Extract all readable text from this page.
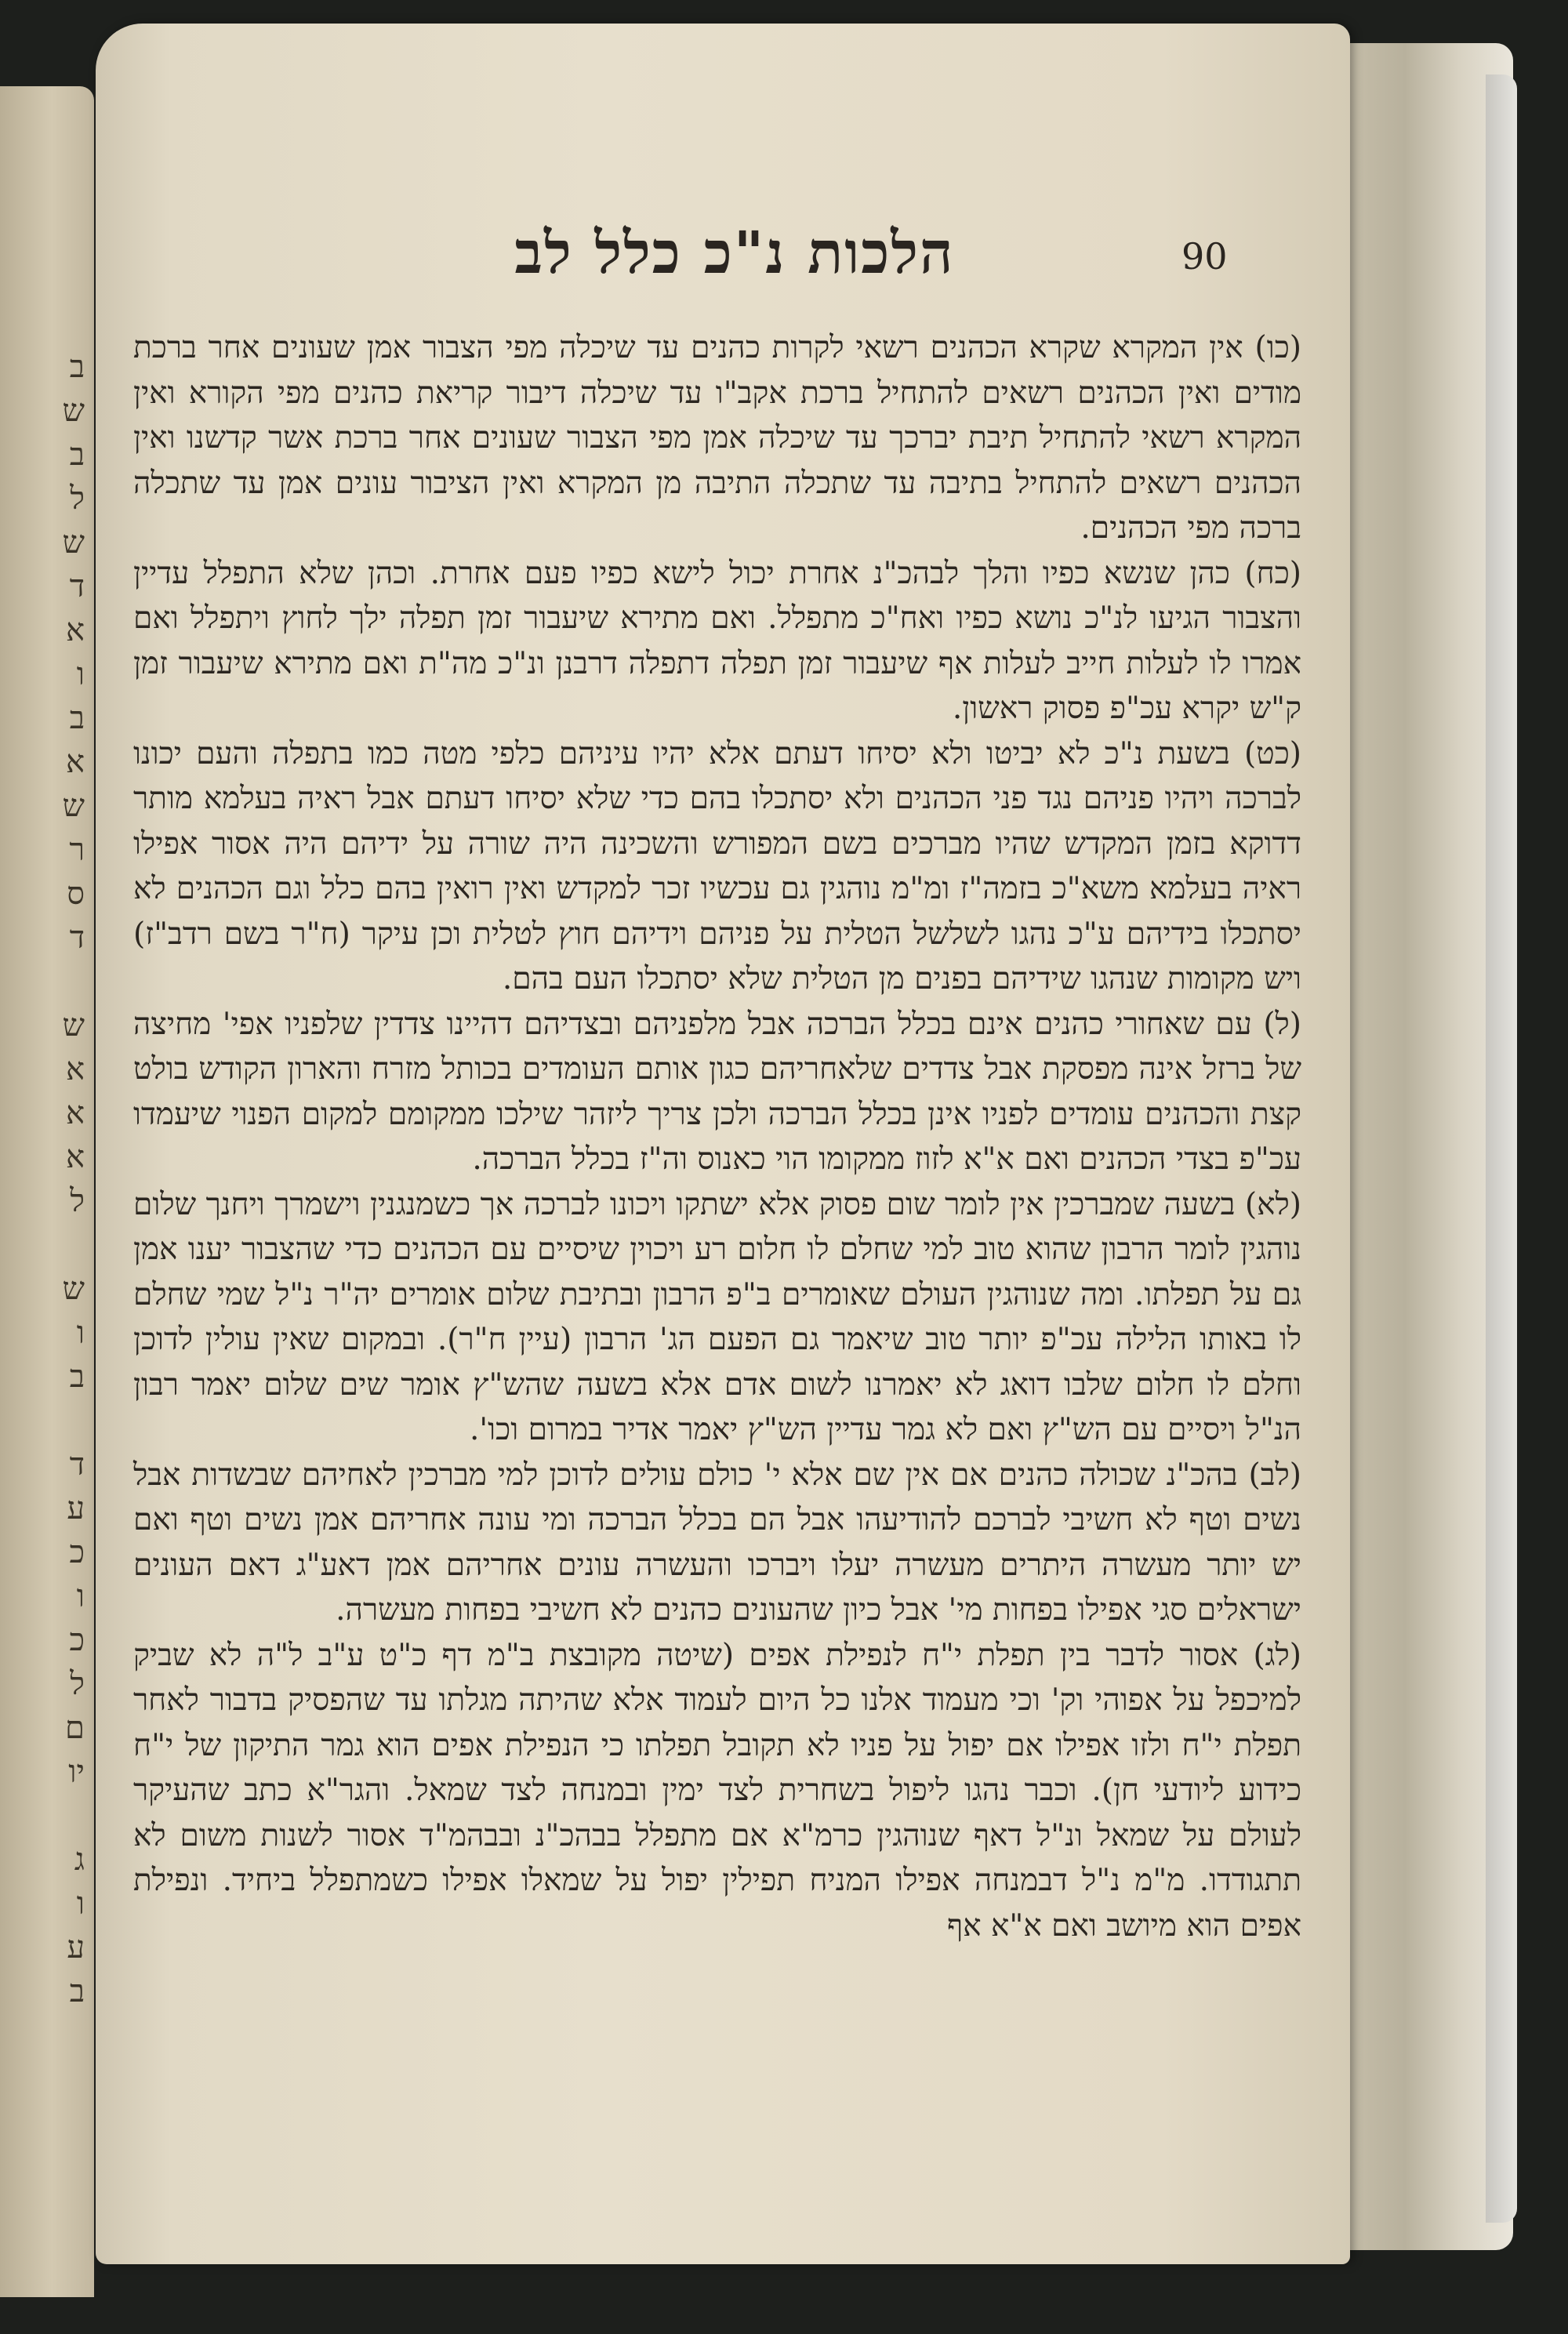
ב
ש
ב
ל
ש
ד
א
ו
ב
א
ש
ר
ס
ד
ש
א
א
א
ל
ש
ו
ב
ד
ע
כ
ו
כ
ל
ם
יו
ג
ו
ע
ב
הלכות נ"כ כלל לב	90

(כו) אין המקרא שקרא הכהנים רשאי לקרות כהנים עד שיכלה מפי הצבור אמן שעונים אחר ברכת מודים ואין הכהנים רשאים להתחיל ברכת אקב"ו עד שיכלה דיבור קריאת כהנים מפי הקורא ואין המקרא רשאי להתחיל תיבת יברכך עד שיכלה אמן מפי הצבור שעונים אחר ברכת אשר קדשנו ואין הכהנים רשאים להתחיל בתיבה עד שתכלה התיבה מן המקרא ואין הציבור עונים אמן עד שתכלה ברכה מפי הכהנים.

(כח) כהן שנשא כפיו והלך לבהכ"נ אחרת יכול לישא כפיו פעם אחרת. וכהן שלא התפלל עדיין והצבור הגיעו לנ"כ נושא כפיו ואח"כ מתפלל. ואם מתירא שיעבור זמן תפלה ילך לחוץ ויתפלל ואם אמרו לו לעלות חייב לעלות אף שיעבור זמן תפלה דתפלה דרבנן ונ"כ מה"ת ואם מתירא שיעבור זמן ק"ש יקרא עכ"פ פסוק ראשון.

(כט) בשעת נ"כ לא יביטו ולא יסיחו דעתם אלא יהיו עיניהם כלפי מטה כמו בתפלה והעם יכונו לברכה ויהיו פניהם נגד פני הכהנים ולא יסתכלו בהם כדי שלא יסיחו דעתם אבל ראיה בעלמא מותר דדוקא בזמן המקדש שהיו מברכים בשם המפורש והשכינה היה שורה על ידיהם היה אסור אפילו ראיה בעלמא משא"כ בזמה"ז ומ"מ נוהגין גם עכשיו זכר למקדש ואין רואין בהם כלל וגם הכהנים לא יסתכלו בידיהם ע"כ נהגו לשלשל הטלית על פניהם וידיהם חוץ לטלית וכן עיקר (ח"ר בשם רדב"ז) ויש מקומות שנהגו שידיהם בפנים מן הטלית שלא יסתכלו העם בהם.

(ל) עם שאחורי כהנים אינם בכלל הברכה אבל מלפניהם ובצדיהם דהיינו צדדין שלפניו אפי' מחיצה של ברזל אינה מפסקת אבל צדדים שלאחריהם כגון אותם העומדים בכותל מזרח והארון הקודש בולט קצת והכהנים עומדים לפניו אינן בכלל הברכה ולכן צריך ליזהר שילכו ממקומם למקום הפנוי שיעמדו עכ"פ בצדי הכהנים ואם א"א לזוז ממקומו הוי כאנוס וה"ז בכלל הברכה.

(לא) בשעה שמברכין אין לומר שום פסוק אלא ישתקו ויכונו לברכה אך כשמנגנין וישמרך ויחנך שלום נוהגין לומר הרבון שהוא טוב למי שחלם לו חלום רע ויכוין שיסיים עם הכהנים כדי שהצבור יענו אמן גם על תפלתו. ומה שנוהגין העולם שאומרים ב"פ הרבון ובתיבת שלום אומרים יה"ר נ"ל שמי שחלם לו באותו הלילה עכ"פ יותר טוב שיאמר גם הפעם הג' הרבון (עיין ח"ר). ובמקום שאין עולין לדוכן וחלם לו חלום שלבו דואג לא יאמרנו לשום אדם אלא בשעה שהש"ץ אומר שים שלום יאמר רבון הנ"ל ויסיים עם הש"ץ ואם לא גמר עדיין הש"ץ יאמר אדיר במרום וכו'.

(לב) בהכ"נ שכולה כהנים אם אין שם אלא י' כולם עולים לדוכן למי מברכין לאחיהם שבשדות אבל נשים וטף לא חשיבי לברכם להודיעהו אבל הם בכלל הברכה ומי עונה אחריהם אמן נשים וטף ואם יש יותר מעשרה היתרים מעשרה יעלו ויברכו והעשרה עונים אחריהם אמן דאע"ג דאם העונים ישראלים סגי אפילו בפחות מי' אבל כיון שהעונים כהנים לא חשיבי בפחות מעשרה.

(לג) אסור לדבר בין תפלת י"ח לנפילת אפים (שיטה מקובצת ב"מ דף כ"ט ע"ב ל"ה לא שביק למיכפל על אפוהי וק' וכי מעמוד אלנו כל היום לעמוד אלא שהיתה מגלתו עד שהפסיק בדבור לאחר תפלת י"ח ולזו אפילו אם יפול על פניו לא תקובל תפלתו כי הנפילת אפים הוא גמר התיקון של י"ח כידוע ליודעי חן). וכבר נהגו ליפול בשחרית לצד ימין ובמנחה לצד שמאל. והגר"א כתב שהעיקר לעולם על שמאל ונ"ל דאף שנוהגין כרמ"א אם מתפלל בבהכ"נ ובבהמ"ד אסור לשנות משום לא תתגודדו. מ"מ נ"ל דבמנחה אפילו המניח תפילין יפול על שמאלו אפילו כשמתפלל ביחיד. ונפילת אפים הוא מיושב ואם א"א אף
